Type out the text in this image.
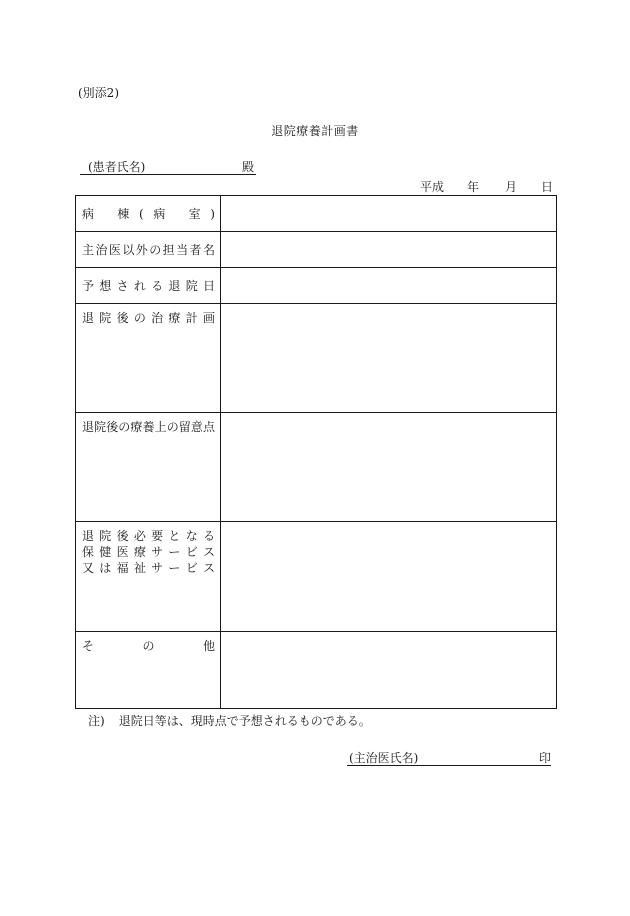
(別添2)
退院療養計画書
(患者氏名)	殿
平成 年 月 日
病 棟(病 室)
主治医以外の担当者名
予想される退院日
退院後の治療計画
退院後の療養上の留意点
退院後必要となる
保健医療サービス
又は福祉サービス
そ の 他
注) 退院日等は、現時点で予想されるものである。
(主治医氏名)	印
